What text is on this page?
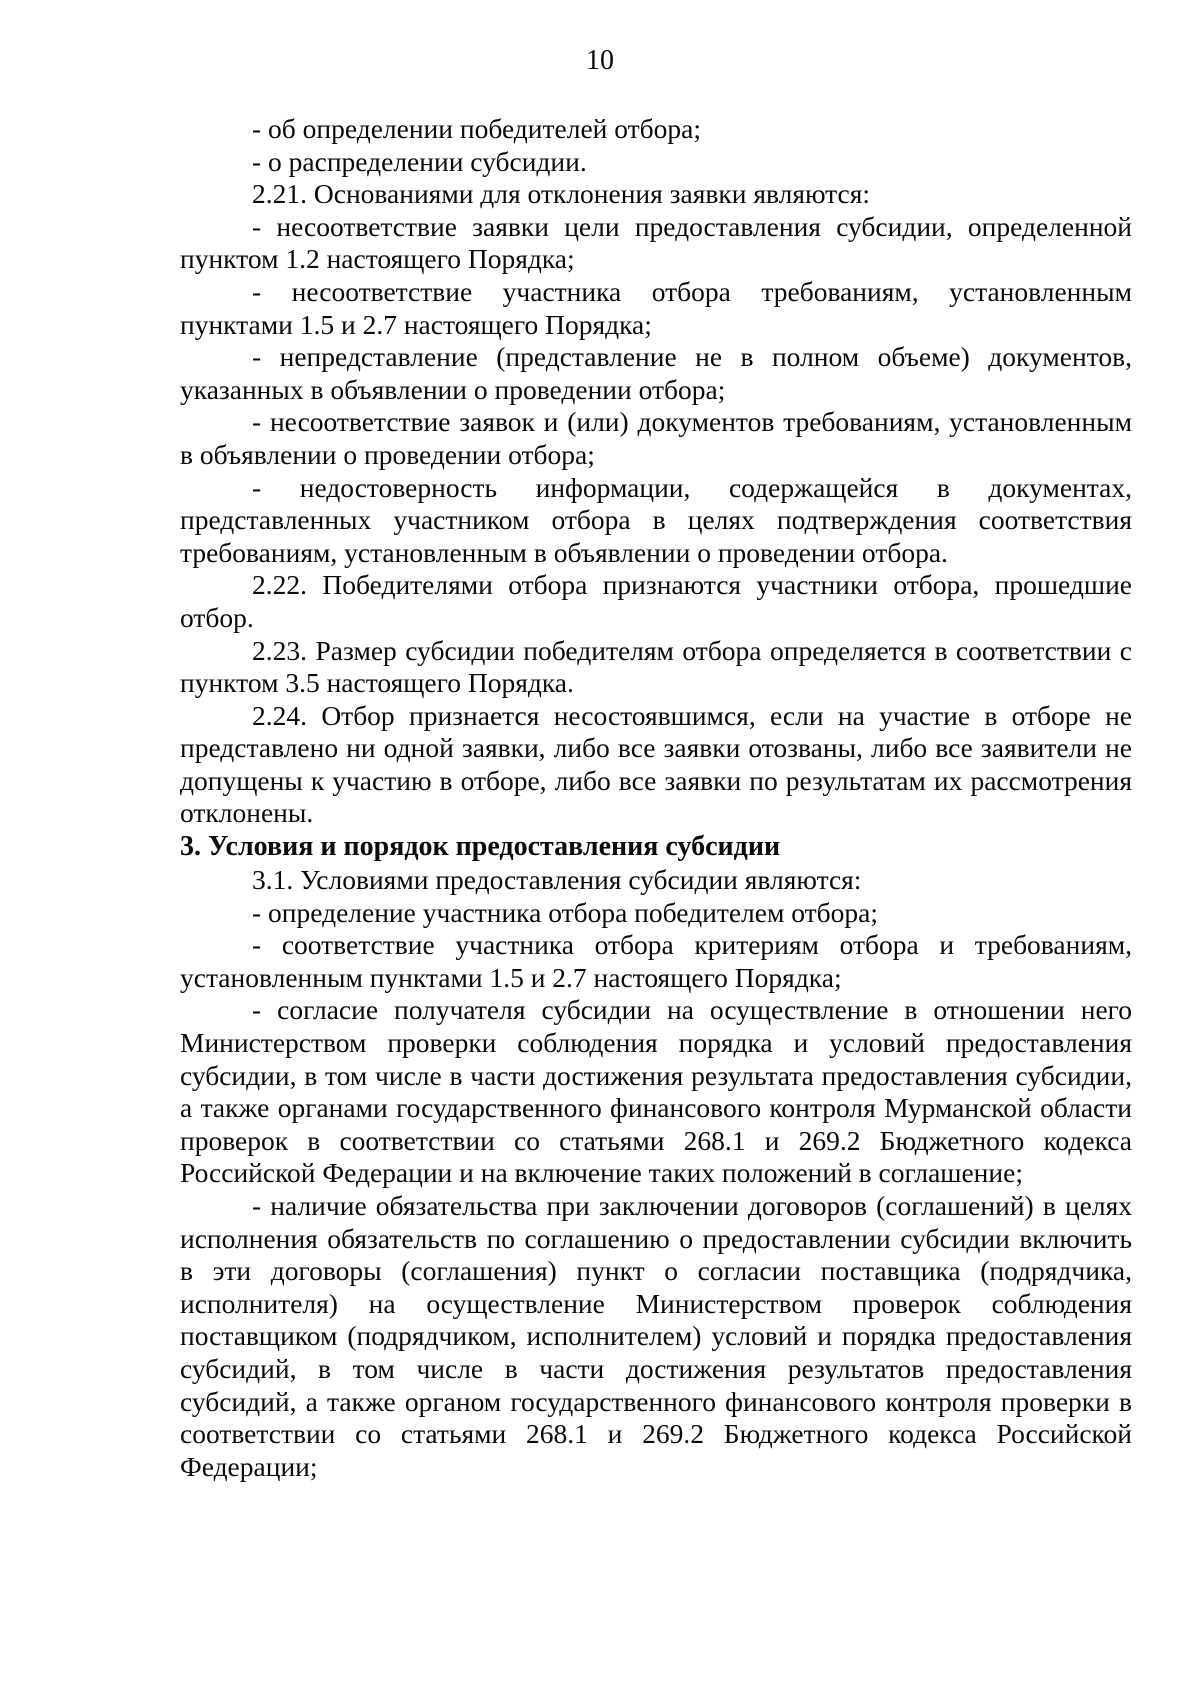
10

- об определении победителей отбора;

- о распределении субсидии.

2.21. Основаниями для отклонения заявки являются:

- несоответствие заявки цели предоставления субсидии, определенной пунктом 1.2 настоящего Порядка;

- несоответствие участника отбора требованиям, установленным пунктами 1.5 и 2.7 настоящего Порядка;

- непредставление (представление не в полном объеме) документов, указанных в объявлении о проведении отбора;

- несоответствие заявок и (или) документов требованиям, установленным в объявлении о проведении отбора;

- недостоверность информации, содержащейся в документах, представленных участником отбора в целях подтверждения соответствия требованиям, установленным в объявлении о проведении отбора.

2.22. Победителями отбора признаются участники отбора, прошедшие отбор.

2.23. Размер субсидии победителям отбора определяется в соответствии с пунктом 3.5 настоящего Порядка.

2.24. Отбор признается несостоявшимся, если на участие в отборе не представлено ни одной заявки, либо все заявки отозваны, либо все заявители не допущены к участию в отборе, либо все заявки по результатам их рассмотрения отклонены.

3. Условия и порядок предоставления субсидии

3.1. Условиями предоставления субсидии являются:

- определение участника отбора победителем отбора;

- соответствие участника отбора критериям отбора и требованиям, установленным пунктами 1.5 и 2.7 настоящего Порядка;

- согласие получателя субсидии на осуществление в отношении него Министерством проверки соблюдения порядка и условий предоставления субсидии, в том числе в части достижения результата предоставления субсидии, а также органами государственного финансового контроля Мурманской области проверок в соответствии со статьями 268.1 и 269.2 Бюджетного кодекса Российской Федерации и на включение таких положений в соглашение;

- наличие обязательства при заключении договоров (соглашений) в целях исполнения обязательств по соглашению о предоставлении субсидии включить в эти договоры (соглашения) пункт о согласии поставщика (подрядчика, исполнителя) на осуществление Министерством проверок соблюдения поставщиком (подрядчиком, исполнителем) условий и порядка предоставления субсидий, в том числе в части достижения результатов предоставления субсидий, а также органом государственного финансового контроля проверки в соответствии со статьями 268.1 и 269.2 Бюджетного кодекса Российской Федерации;
